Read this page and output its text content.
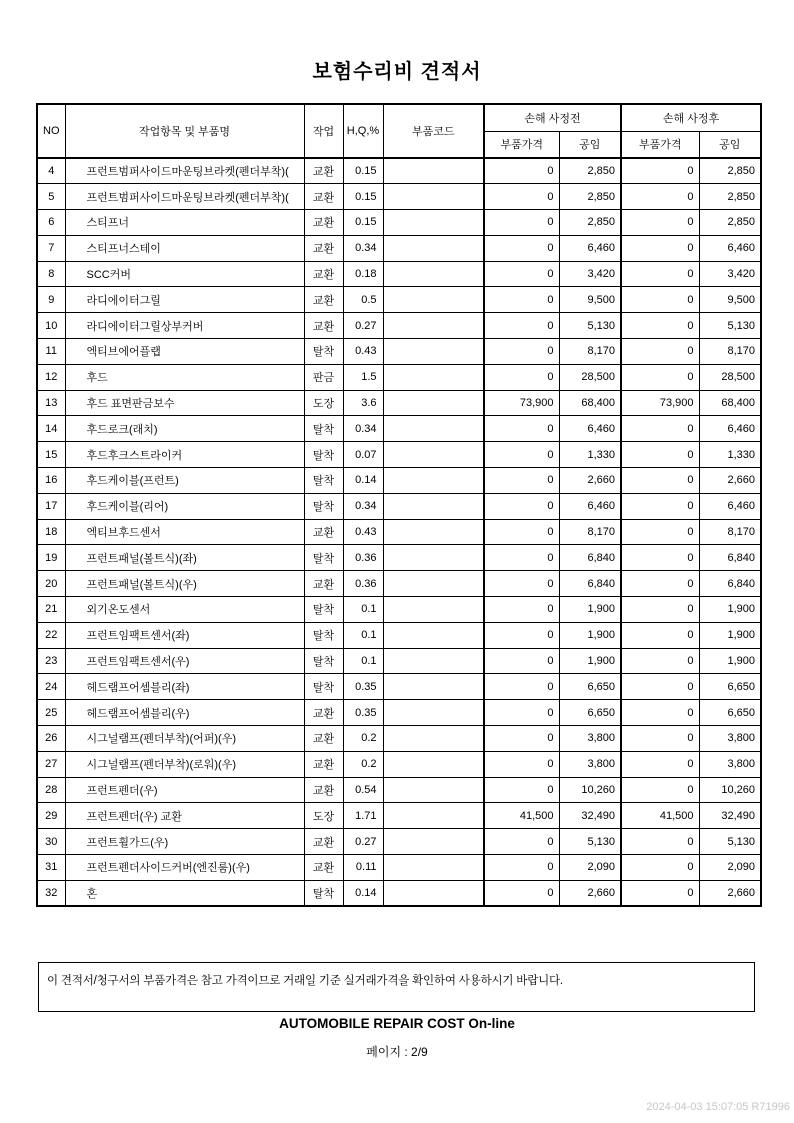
보험수리비 견적서
NO	작업항목 및 부품명	작업	H,Q,%	부품코드	손해 사정전		손해 사정후	
					부품가격	공임	부품가격	공임
4	프런트범퍼사이드마운팅브라켓(펜더부착)(	교환	0.15		0	2,850	0	2,850
5	프런트범퍼사이드마운팅브라켓(펜더부착)(	교환	0.15		0	2,850	0	2,850
6	스티프너	교환	0.15		0	2,850	0	2,850
7	스티프너스테이	교환	0.34		0	6,460	0	6,460
8	SCC커버	교환	0.18		0	3,420	0	3,420
9	라디에이터그릴	교환	0.5		0	9,500	0	9,500
10	라디에이터그릴상부커버	교환	0.27		0	5,130	0	5,130
11	엑티브에어플랩	탈착	0.43		0	8,170	0	8,170
12	후드	판금	1.5		0	28,500	0	28,500
13	후드 표면판금보수	도장	3.6		73,900	68,400	73,900	68,400
14	후드로크(래치)	탈착	0.34		0	6,460	0	6,460
15	후드후크스트라이커	탈착	0.07		0	1,330	0	1,330
16	후드케이블(프런트)	탈착	0.14		0	2,660	0	2,660
17	후드케이블(리어)	탈착	0.34		0	6,460	0	6,460
18	엑티브후드센서	교환	0.43		0	8,170	0	8,170
19	프런트패널(볼트식)(좌)	탈착	0.36		0	6,840	0	6,840
20	프런트패널(볼트식)(우)	교환	0.36		0	6,840	0	6,840
21	외기온도센서	탈착	0.1		0	1,900	0	1,900
22	프런트임팩트센서(좌)	탈착	0.1		0	1,900	0	1,900
23	프런트임팩트센서(우)	탈착	0.1		0	1,900	0	1,900
24	헤드램프어셈블리(좌)	탈착	0.35		0	6,650	0	6,650
25	헤드램프어셈블리(우)	교환	0.35		0	6,650	0	6,650
26	시그널램프(펜더부착)(어퍼)(우)	교환	0.2		0	3,800	0	3,800
27	시그널램프(펜더부착)(로워)(우)	교환	0.2		0	3,800	0	3,800
28	프런트펜더(우)	교환	0.54		0	10,260	0	10,260
29	프런트펜더(우) 교환	도장	1.71		41,500	32,490	41,500	32,490
30	프런트휠가드(우)	교환	0.27		0	5,130	0	5,130
31	프런트펜더사이드커버(엔진룸)(우)	교환	0.11		0	2,090	0	2,090
32	혼	탈착	0.14		0	2,660	0	2,660
이 견적서/청구서의 부품가격은 참고 가격이므로 거래일 기준 실거래가격을 확인하여 사용하시기 바랍니다.
AUTOMOBILE REPAIR COST On-line
페이지 : 2/9
2024-04-03 15:07:05 R71996
